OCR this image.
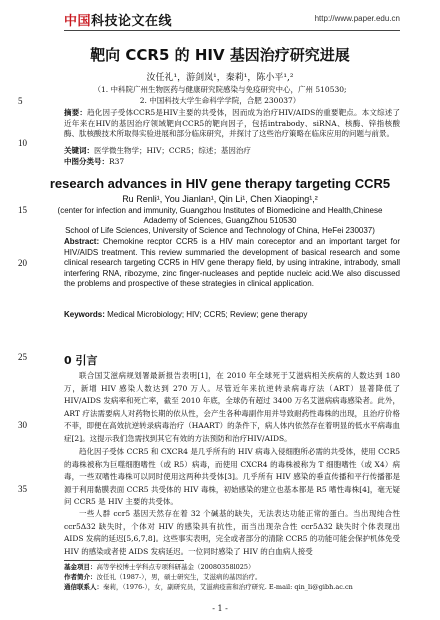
中国科技论文在线	http://www.paper.edu.cn
靶向 CCR5 的 HIV 基因治疗研究进展
汝任礼¹，游剑岚¹，秦莉¹，陈小平¹,²
（1. 中科院广州生物医药与健康研究院感染与免疫研究中心，广州 510530;
2. 中国科技大学生命科学学院，合肥 230037）
5
摘要：趋化因子受体CCR5是HIV主要的共受体，因而成为治疗HIV/AIDS的重要靶点。本文综述了近年来在HIV的基因治疗领域靶向CCR5的靶向因子，包括intrabody、siRNA、核酶、锌指核酸酶、肽核酸技术所取得实验进展和部分临床研究，并探讨了这些治疗策略在临床应用的问题与前景。
10
关键词：医学微生物学；HIV；CCR5；综述；基因治疗
中图分类号：R37
research advances in HIV gene therapy targeting CCR5
Ru Renli¹, You Jianlan¹, Qin Li¹, Chen Xiaoping¹,²
15	(center for infection and immunity, Guangzhou Institutes of Biomedicine and Health,Chinese
Adademy of Sciences, GuangZhou 510530
School of Life Sciences, University of Science and Technology of China, HeFei 230037)
Abstract: Chemokine recptor CCR5 is a HIV main coreceptor and an important target for HIV/AIDS treatment. This review summaried the development of basical research and some clinical research targeting CCR5 in HIV gene therapy field, by using intrakine, intrabody, small interfering RNA, ribozyme, zinc finger-nucleases and peptide nucleic acid.We also discussed the problems and prospective of these strategies in clinical application.
20
Keywords: Medical Microbiology; HIV; CCR5; Review; gene therapy
25	0 引言
联合国艾滋病规划署最新报告表明[1]，在 2010 年全球死于艾滋病相关疾病的人数达到 180 万，新增 HIV 感染人数达到 270 万人。尽管近年来抗逆转录病毒疗法（ART）显著降低了 HIV/AIDS 发病率和死亡率，截至 2010 年底，全球仍有超过 3400 万名艾滋病病毒感染者。此外，ART 疗法需要病人对药物长期的依从性，会产生各种毒副作用并导致耐药性毒株的出现，且治疗价格不菲，即便在高效抗逆转录病毒治疗（HAART）的条件下，病人体内依然存在着明显的低水平病毒血症[2]。这提示我们急需找到其它有效的方法预防和治疗HIV/AIDS。
30
趋化因子受体 CCR5 和 CXCR4 是几乎所有的 HIV 病毒入侵细胞所必需的共受体，使用 CCR5 的毒株被称为巨噬细胞嗜性（或 R5）病毒，而使用 CXCR4 的毒株被称为 T 细胞嗜性（或 X4）病毒，一些双嗜性毒株可以同时使用这两种共受体[3]。几乎所有 HIV 感染的垂直传播和平行传播都是源于利用黏膜表面 CCR5 共受体的 HIV 毒株，初始感染的建立也基本都是 R5 嗜性毒株[4]，毫无疑问 CCR5 是 HIV 主要的共受体。
35
一些人群 ccr5 基因天然存在着 32 个碱基的缺失，无法表达功能正常的蛋白。当出现纯合性 ccr5Δ32 缺失时，个体对 HIV 的感染具有抗性，而当出现杂合性 ccr5Δ32 缺失时个体表现出 AIDS 发病的延迟[5,6,7,8]。这些事实表明，完全或者部分的清除 CCR5 的功能可能会保护机体免受 HIV 的感染或者使 AIDS 发病延迟。一位同时感染了 HIV 的白血病人接受
基金项目：高等学校博士学科点专项科研基金（20080358l025）
作者简介：汝任礼（1987-），男，硕士研究生，艾滋病的基因治疗。
通信联系人：秦莉，（1976-），女，副研究员，艾滋病疫苗和治疗研究. E-mail: qin_li@gibh.ac.cn
- 1 -
